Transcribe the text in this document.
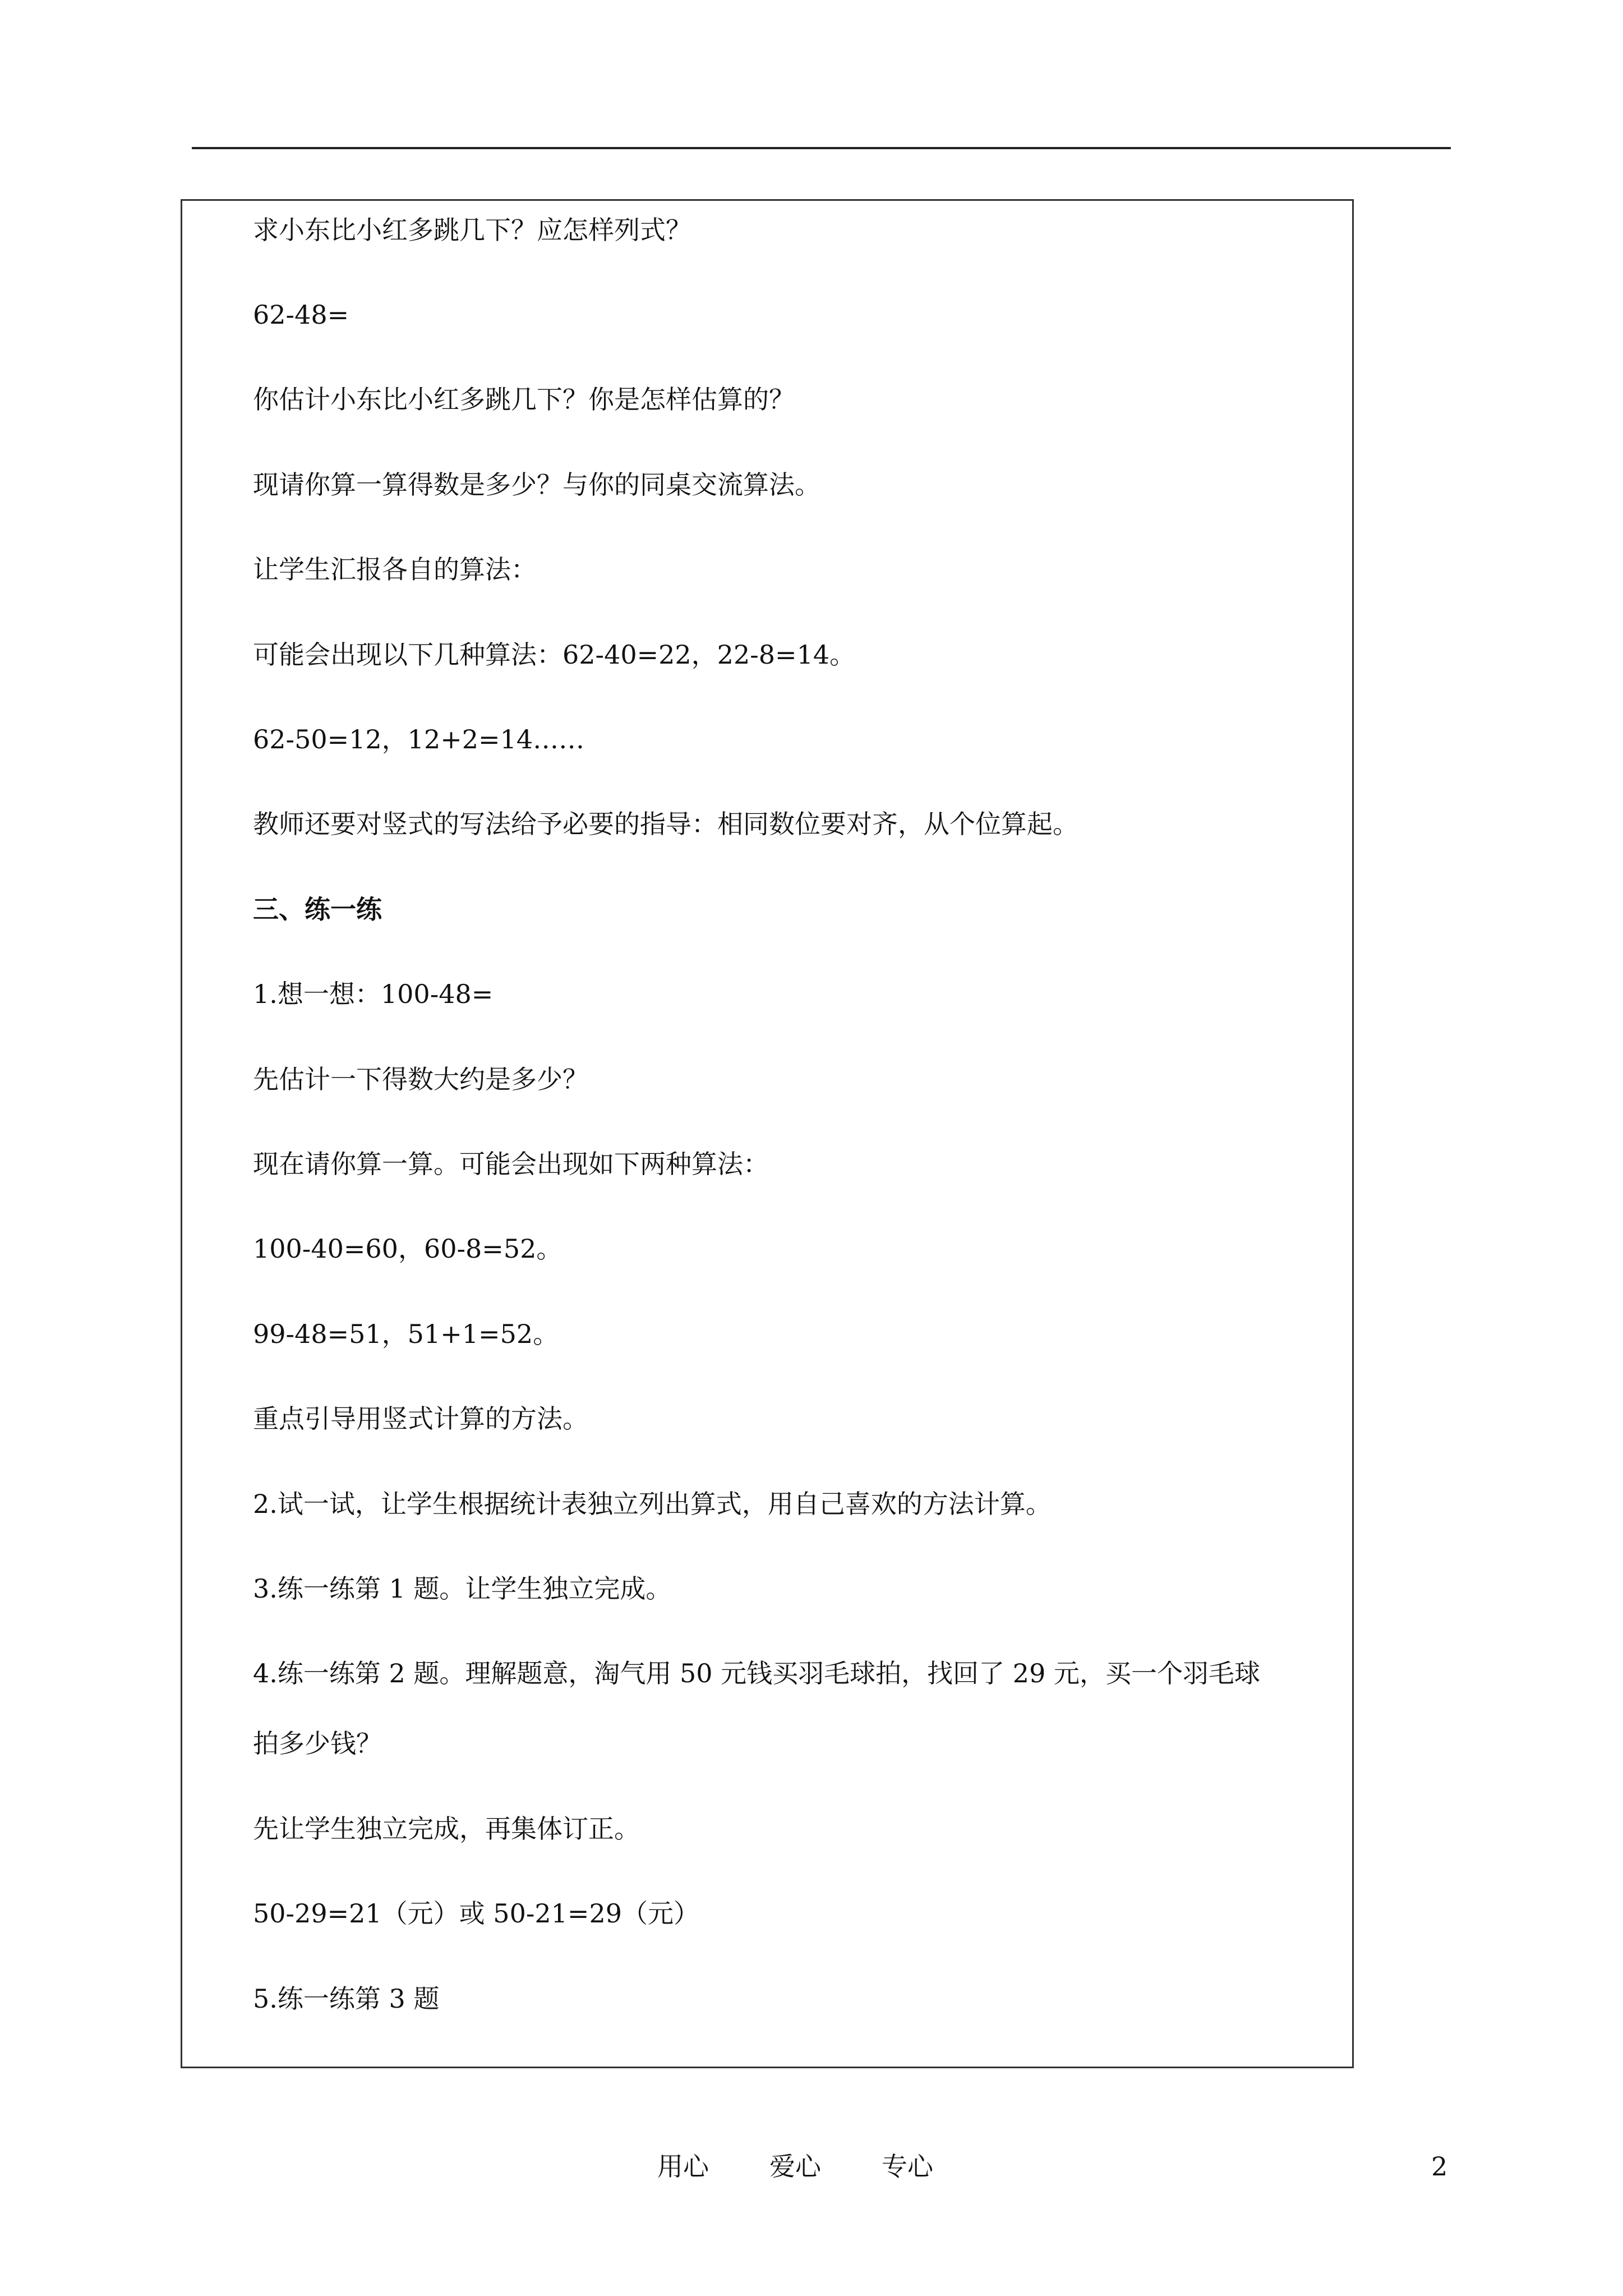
求小东比小红多跳几下？应怎样列式？
62-48=
你估计小东比小红多跳几下？你是怎样估算的？
现请你算一算得数是多少？与你的同桌交流算法。
让学生汇报各自的算法：
可能会出现以下几种算法：62-40=22，22-8=14。
62-50=12，12+2=14……
教师还要对竖式的写法给予必要的指导：相同数位要对齐，从个位算起。
三、练一练
1.想一想：100-48=
先估计一下得数大约是多少？
现在请你算一算。可能会出现如下两种算法：
100-40=60，60-8=52。
99-48=51，51+1=52。
重点引导用竖式计算的方法。
2.试一试，让学生根据统计表独立列出算式，用自己喜欢的方法计算。
3.练一练第 1 题。让学生独立完成。
4.练一练第 2 题。理解题意，淘气用 50 元钱买羽毛球拍，找回了 29 元，买一个羽毛球
拍多少钱？
先让学生独立完成，再集体订正。
50-29=21（元）或 50-21=29（元）
5.练一练第 3 题
用心 爱心 专心	2
